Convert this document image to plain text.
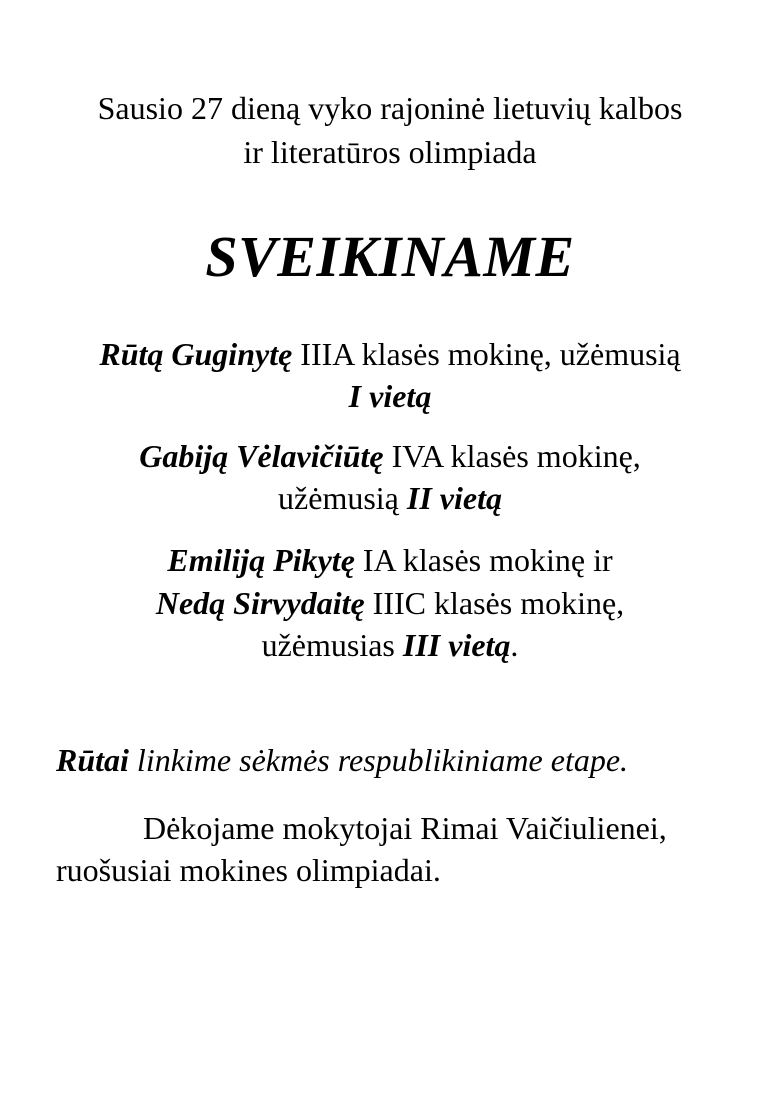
Sausio 27 dieną vyko rajoninė lietuvių kalbos
ir literatūros olimpiada
SVEIKINAME
Rūtą Guginytę IIIA klasės mokinę, užėmusią
I vietą
Gabiją Vėlavičiūtę IVA klasės mokinę,
užėmusią II vietą
Emiliją Pikytę IA klasės mokinę ir
Nedą Sirvydaitę IIIC klasės mokinę,
užėmusias III vietą.
Rūtai linkime sėkmės respublikiniame etape.
Dėkojame mokytojai Rimai Vaičiulienei,
ruošusiai mokines olimpiadai.
